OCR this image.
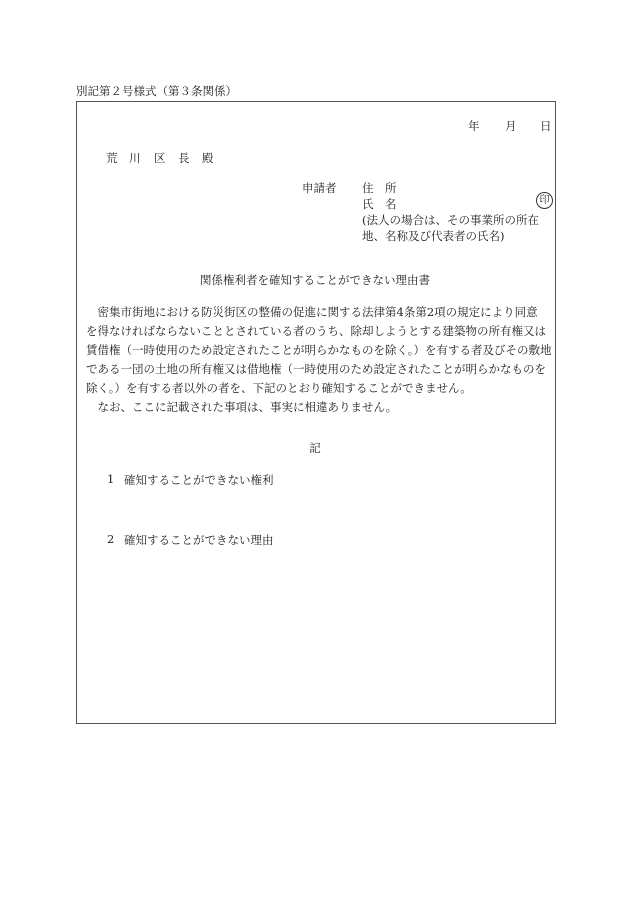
別記第２号様式（第３条関係）
年 月 日
荒 川 区 長 殿
申請者 住 所
氏 名	印
(法人の場合は、その事業所の所在
地、名称及び代表者の氏名)
関係権利者を確知することができない理由書
　密集市街地における防災街区の整備の促進に関する法律第4条第2項の規定により同意
を得なければならないこととされている者のうち、除却しようとする建築物の所有権又は
賃借権（一時使用のため設定されたことが明らかなものを除く。）を有する者及びその敷地
である一団の土地の所有権又は借地権（一時使用のため設定されたことが明らかなものを
除く。）を有する者以外の者を、下記のとおり確知することができません。
　なお、ここに記載された事項は、事実に相違ありません。
記
1 確知することができない権利
2 確知することができない理由
